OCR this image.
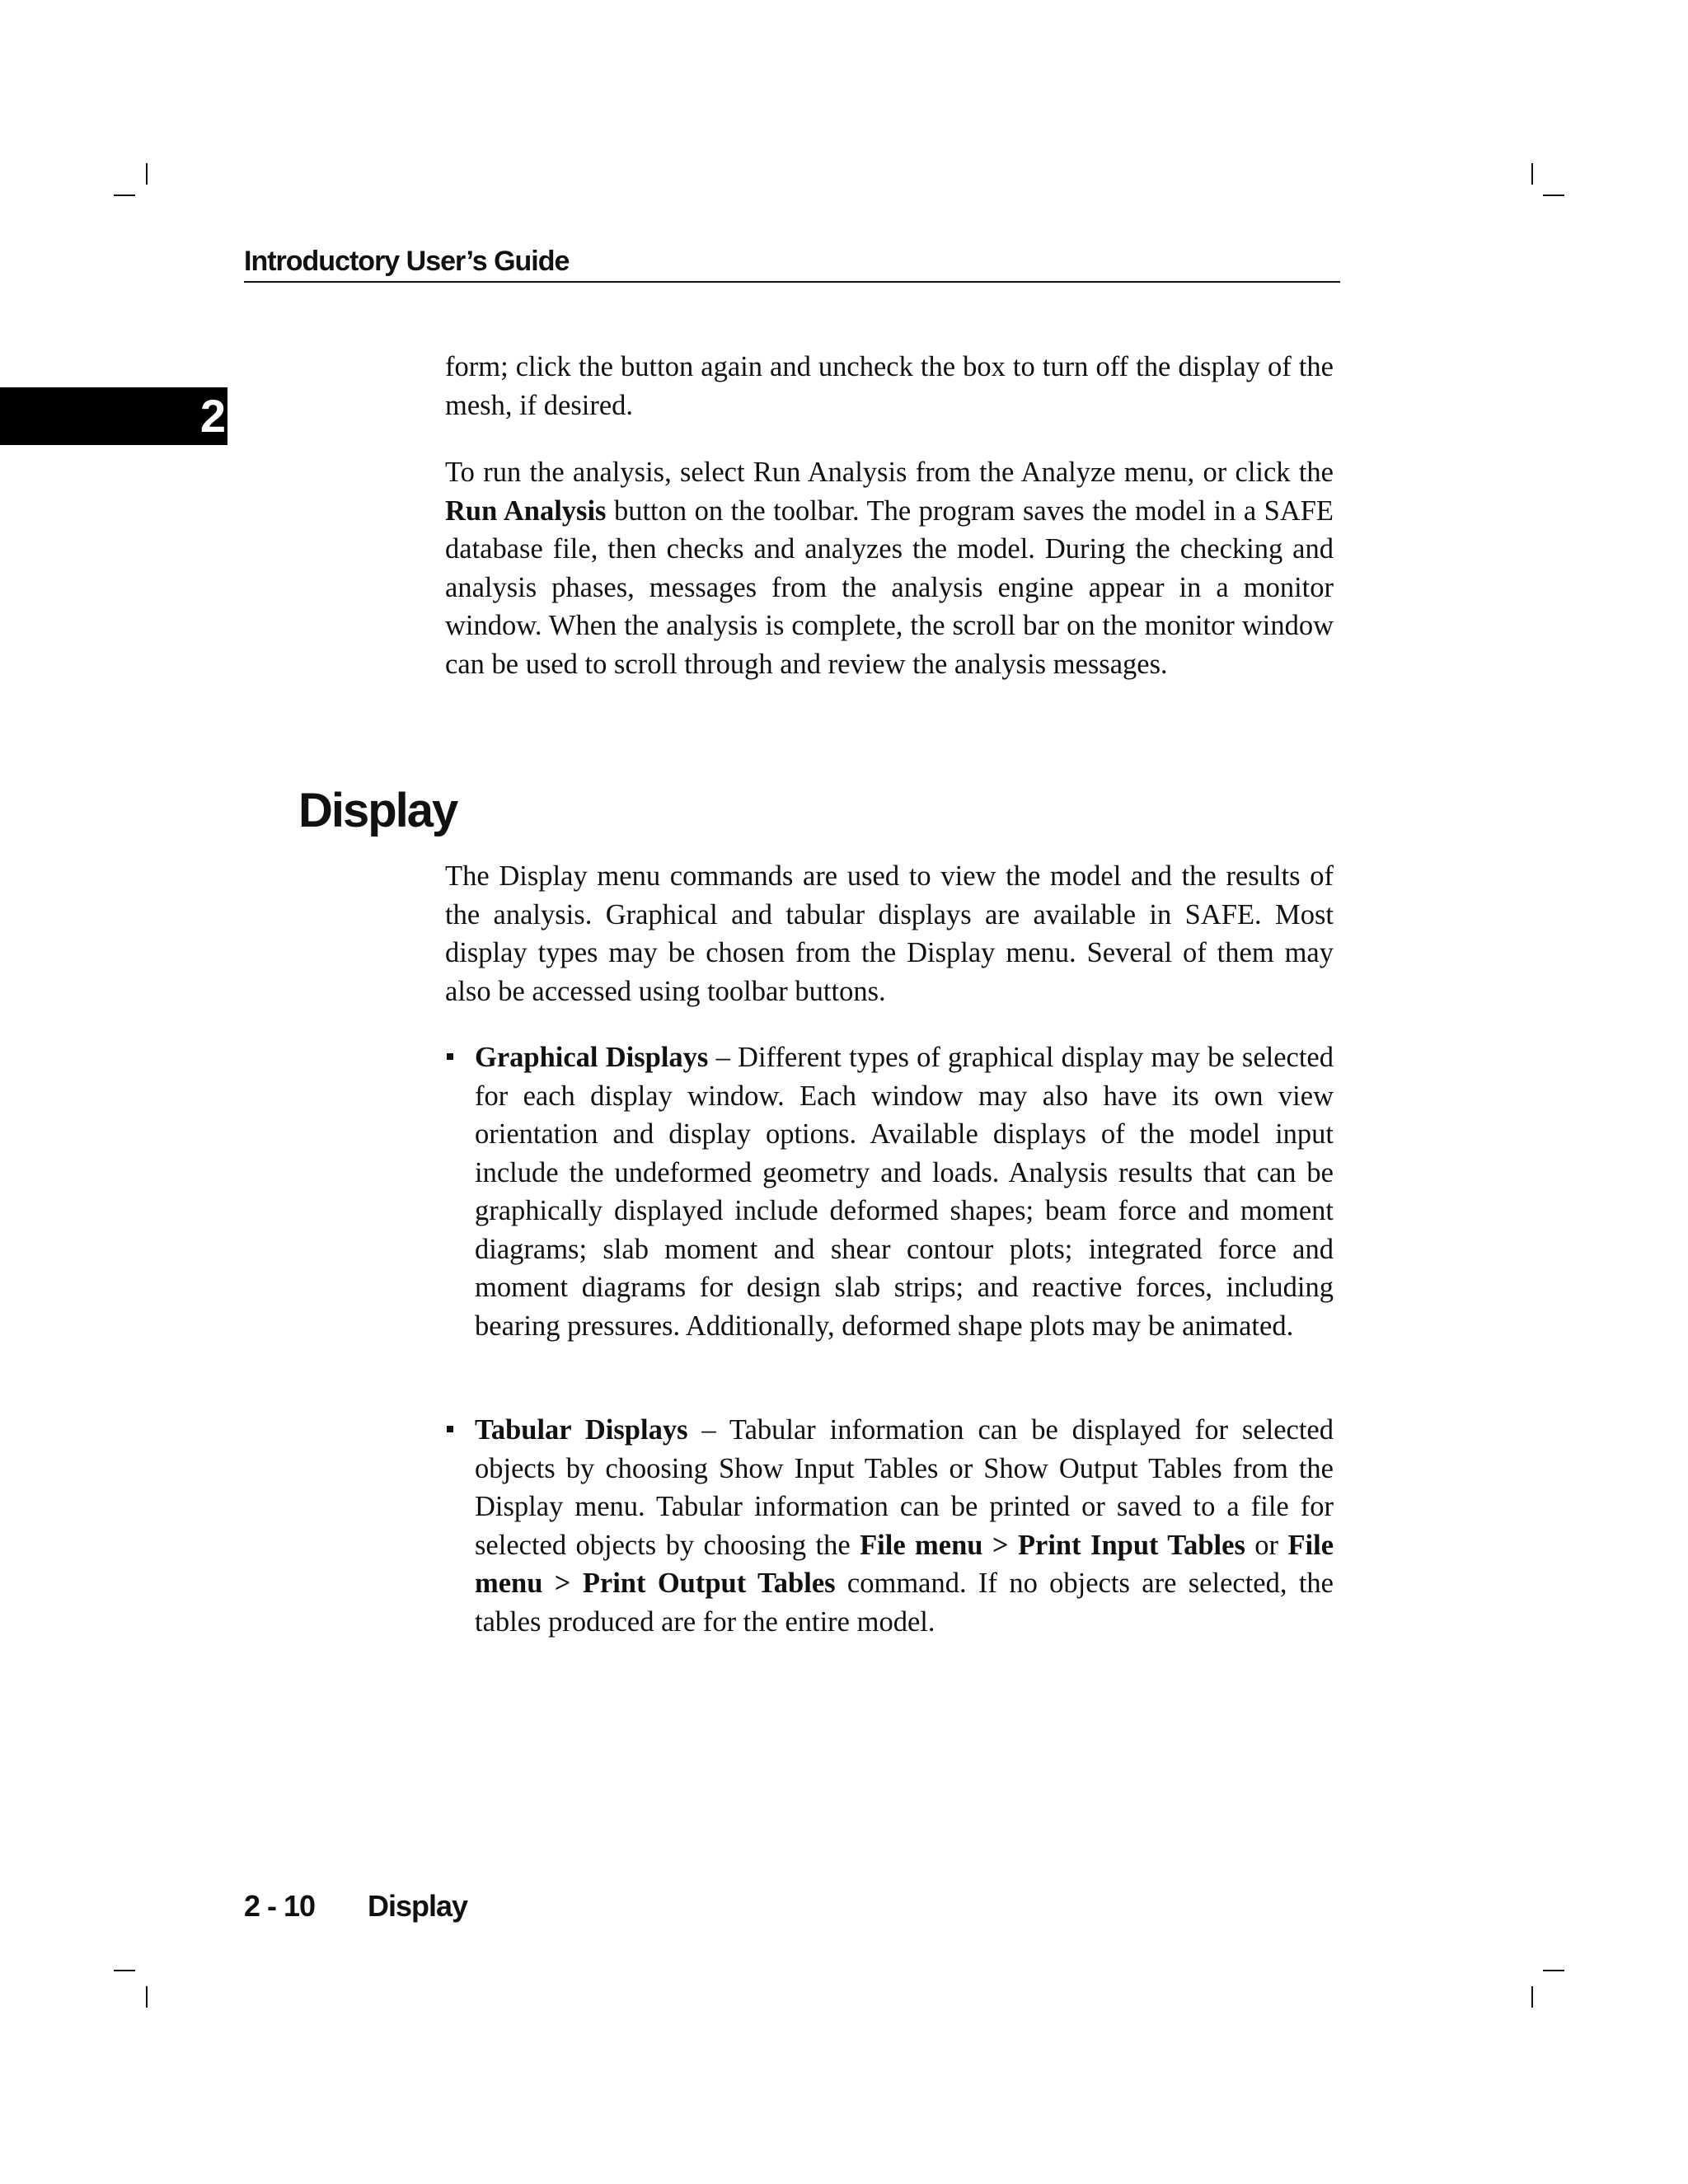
Introductory User’s Guide
2

form; click the button again and uncheck the box to turn off the display of the mesh, if desired.

To run the analysis, select Run Analysis from the Analyze menu, or click the Run Analysis button on the toolbar. The program saves the model in a SAFE database file, then checks and analyzes the model. During the checking and analysis phases, messages from the analysis engine appear in a monitor window. When the analysis is complete, the scroll bar on the monitor window can be used to scroll through and review the analysis messages.

Display

The Display menu commands are used to view the model and the results of the analysis. Graphical and tabular displays are available in SAFE. Most display types may be chosen from the Display menu. Several of them may also be accessed using toolbar buttons.

Graphical Displays – Different types of graphical display may be selected for each display window. Each window may also have its own view orientation and display options. Available displays of the model input include the undeformed geometry and loads. Analysis results that can be graphically displayed include deformed shapes; beam force and moment diagrams; slab moment and shear contour plots; integrated force and moment diagrams for design slab strips; and reactive forces, including bearing pressures. Additionally, deformed shape plots may be animated.
Tabular Displays – Tabular information can be displayed for selected objects by choosing Show Input Tables or Show Output Tables from the Display menu. Tabular information can be printed or saved to a file for selected objects by choosing the File menu > Print Input Tables or File menu > Print Output Tables command. If no objects are selected, the tables produced are for the entire model.
2 - 10 Display
